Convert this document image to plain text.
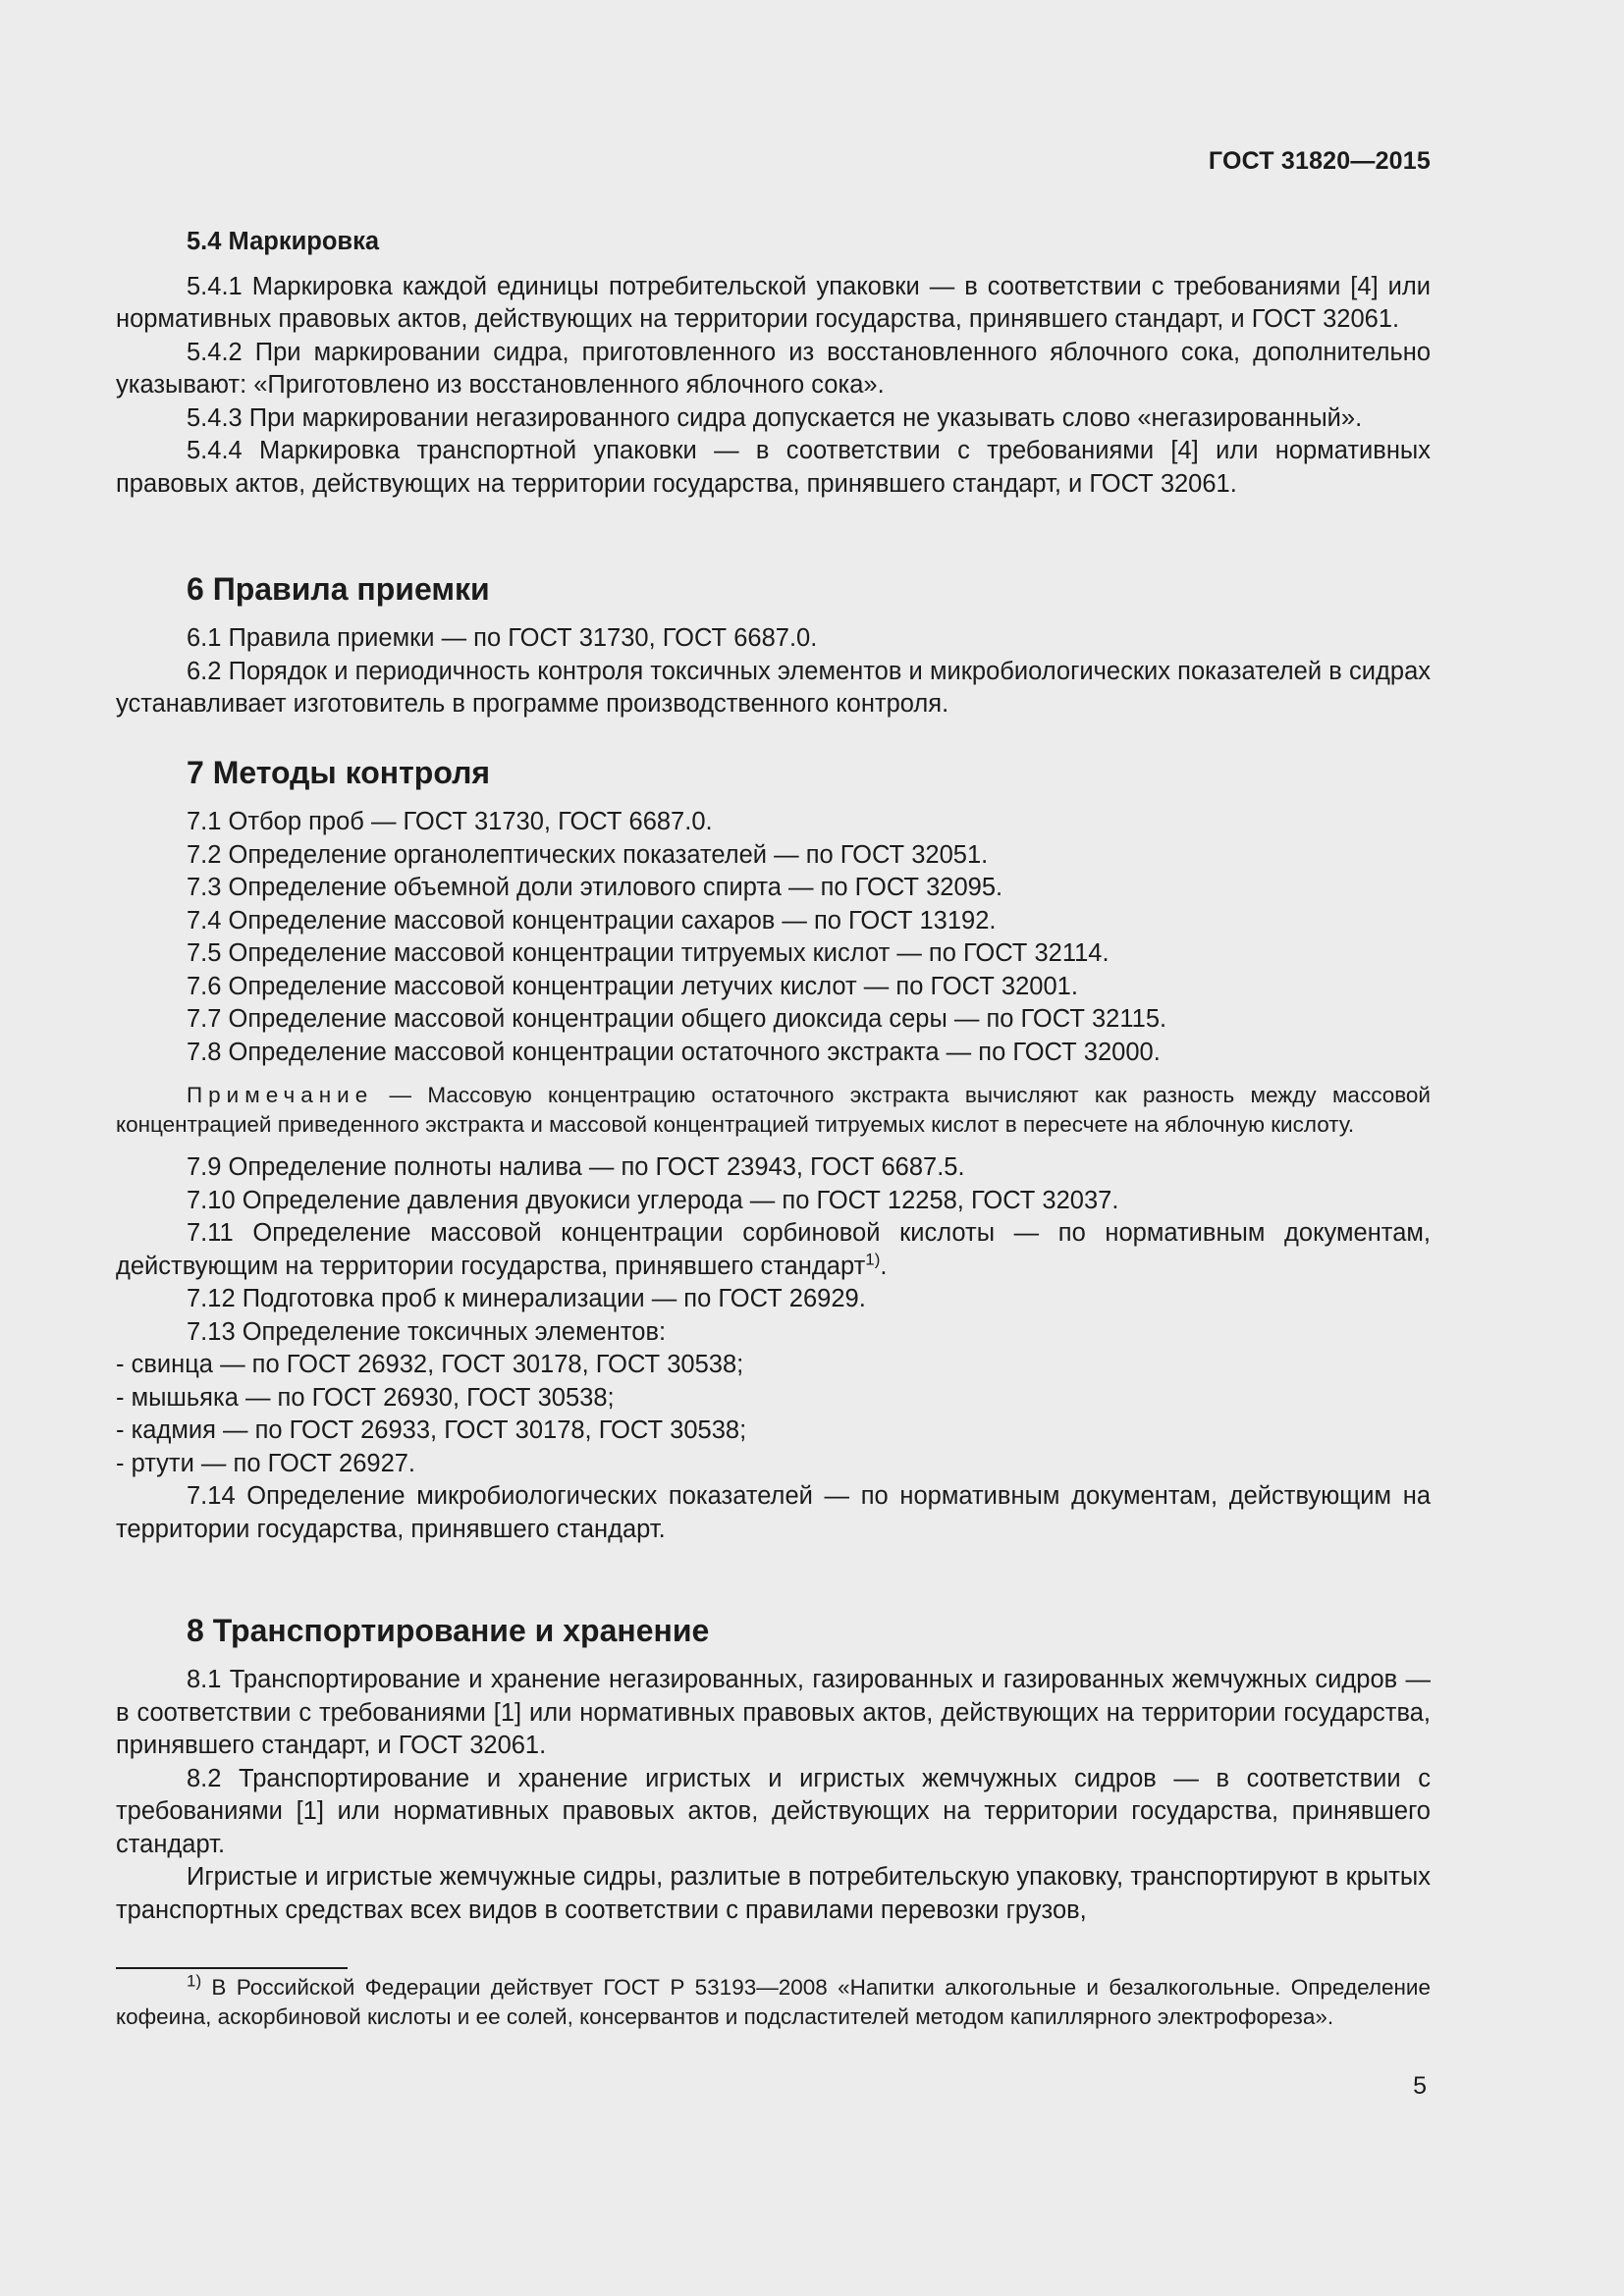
ГОСТ 31820—2015
5.4 Маркировка

5.4.1 Маркировка каждой единицы потребительской упаковки — в соответствии с требованиями [4] или нормативных правовых актов, действующих на территории государства, принявшего стандарт, и ГОСТ 32061.

5.4.2 При маркировании сидра, приготовленного из восстановленного яблочного сока, дополнительно указывают: «Приготовлено из восстановленного яблочного сока».

5.4.3 При маркировании негазированного сидра допускается не указывать слово «негазированный».

5.4.4 Маркировка транспортной упаковки — в соответствии с требованиями [4] или нормативных правовых актов, действующих на территории государства, принявшего стандарт, и ГОСТ 32061.

6 Правила приемки

6.1 Правила приемки — по ГОСТ 31730, ГОСТ 6687.0.

6.2 Порядок и периодичность контроля токсичных элементов и микробиологических показателей в сидрах устанавливает изготовитель в программе производственного контроля.

7 Методы контроля

7.1 Отбор проб — ГОСТ 31730, ГОСТ 6687.0.

7.2 Определение органолептических показателей — по ГОСТ 32051.

7.3 Определение объемной доли этилового спирта — по ГОСТ 32095.

7.4 Определение массовой концентрации сахаров — по ГОСТ 13192.

7.5 Определение массовой концентрации титруемых кислот — по ГОСТ 32114.

7.6 Определение массовой концентрации летучих кислот — по ГОСТ 32001.

7.7 Определение массовой концентрации общего диоксида серы — по ГОСТ 32115.

7.8 Определение массовой концентрации остаточного экстракта — по ГОСТ 32000.

Примечание — Массовую концентрацию остаточного экстракта вычисляют как разность между массовой концентрацией приведенного экстракта и массовой концентрацией титруемых кислот в пересчете на яблочную кислоту.

7.9 Определение полноты налива — по ГОСТ 23943, ГОСТ 6687.5.

7.10 Определение давления двуокиси углерода — по ГОСТ 12258, ГОСТ 32037.

7.11 Определение массовой концентрации сорбиновой кислоты — по нормативным документам, действующим на территории государства, принявшего стандарт$^{1)}$.

7.12 Подготовка проб к минерализации — по ГОСТ 26929.

7.13 Определение токсичных элементов:

- свинца — по ГОСТ 26932, ГОСТ 30178, ГОСТ 30538;

- мышьяка — по ГОСТ 26930, ГОСТ 30538;

- кадмия — по ГОСТ 26933, ГОСТ 30178, ГОСТ 30538;

- ртути — по ГОСТ 26927.

7.14 Определение микробиологических показателей — по нормативным документам, действующим на территории государства, принявшего стандарт.

8 Транспортирование и хранение

8.1 Транспортирование и хранение негазированных, газированных и газированных жемчужных сидров — в соответствии с требованиями [1] или нормативных правовых актов, действующих на территории государства, принявшего стандарт, и ГОСТ 32061.

8.2 Транспортирование и хранение игристых и игристых жемчужных сидров — в соответствии с требованиями [1] или нормативных правовых актов, действующих на территории государства, принявшего стандарт.

Игристые и игристые жемчужные сидры, разлитые в потребительскую упаковку, транспортируют в крытых транспортных средствах всех видов в соответствии с правилами перевозки грузов,

$^{1)}$ В Российской Федерации действует ГОСТ Р 53193—2008 «Напитки алкогольные и безалкогольные. Определение кофеина, аскорбиновой кислоты и ее солей, консервантов и подсластителей методом капиллярного электрофореза».

5
